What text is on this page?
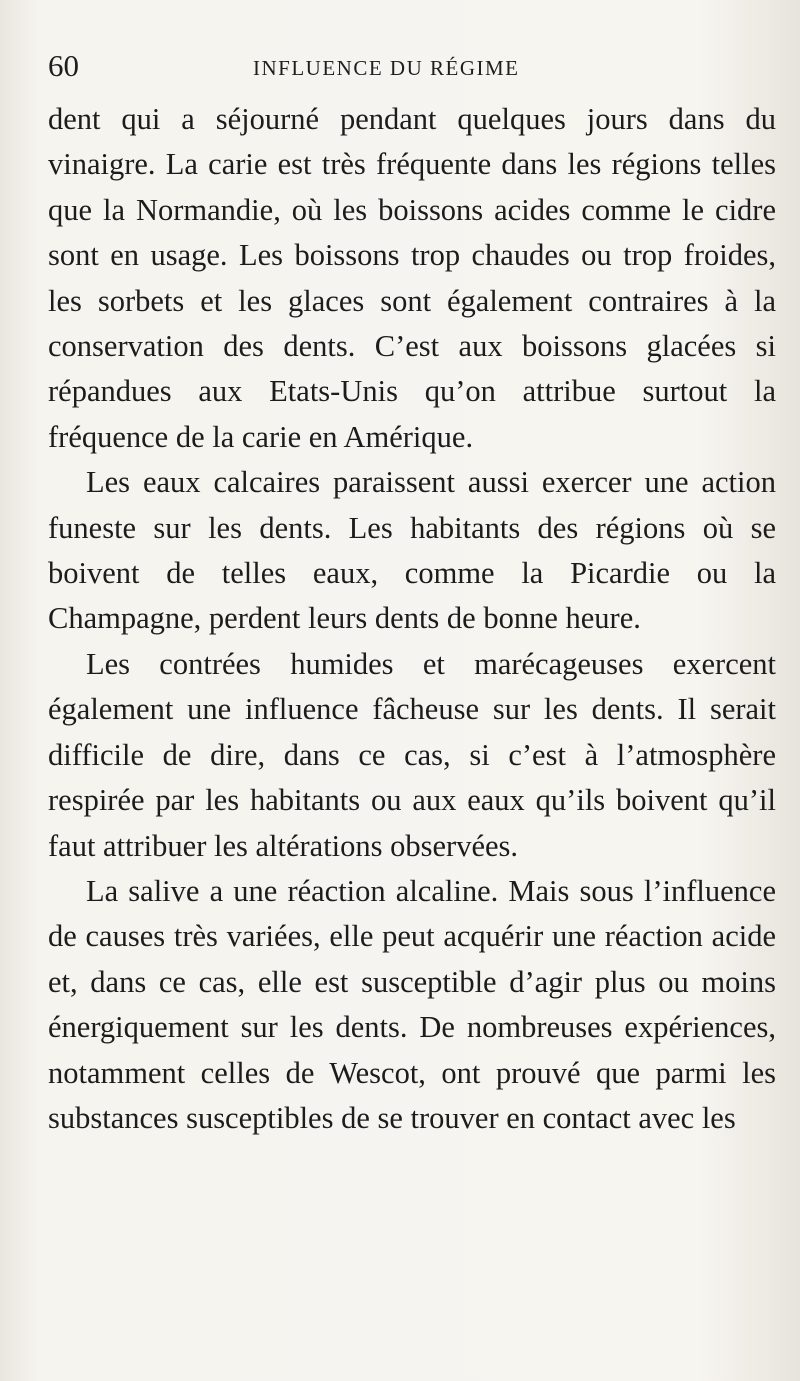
60	INFLUENCE DU RÉGIME

dent qui a séjourné pendant quelques jours dans du vinaigre. La carie est très fréquente dans les régions telles que la Normandie, où les boissons acides comme le cidre sont en usage. Les boissons trop chaudes ou trop froides, les sorbets et les glaces sont également contraires à la conservation des dents. C’est aux boissons glacées si répandues aux Etats-Unis qu’on attribue surtout la fréquence de la carie en Amérique.

Les eaux calcaires paraissent aussi exercer une action funeste sur les dents. Les habitants des régions où se boivent de telles eaux, comme la Picardie ou la Champagne, perdent leurs dents de bonne heure.

Les contrées humides et marécageuses exercent également une influence fâcheuse sur les dents. Il serait difficile de dire, dans ce cas, si c’est à l’atmosphère respirée par les habitants ou aux eaux qu’ils boivent qu’il faut attribuer les altérations observées.

La salive a une réaction alcaline. Mais sous l’influence de causes très variées, elle peut acquérir une réaction acide et, dans ce cas, elle est susceptible d’agir plus ou moins énergiquement sur les dents. De nombreuses expériences, notamment celles de Wescot, ont prouvé que parmi les substances susceptibles de se trouver en contact avec les
